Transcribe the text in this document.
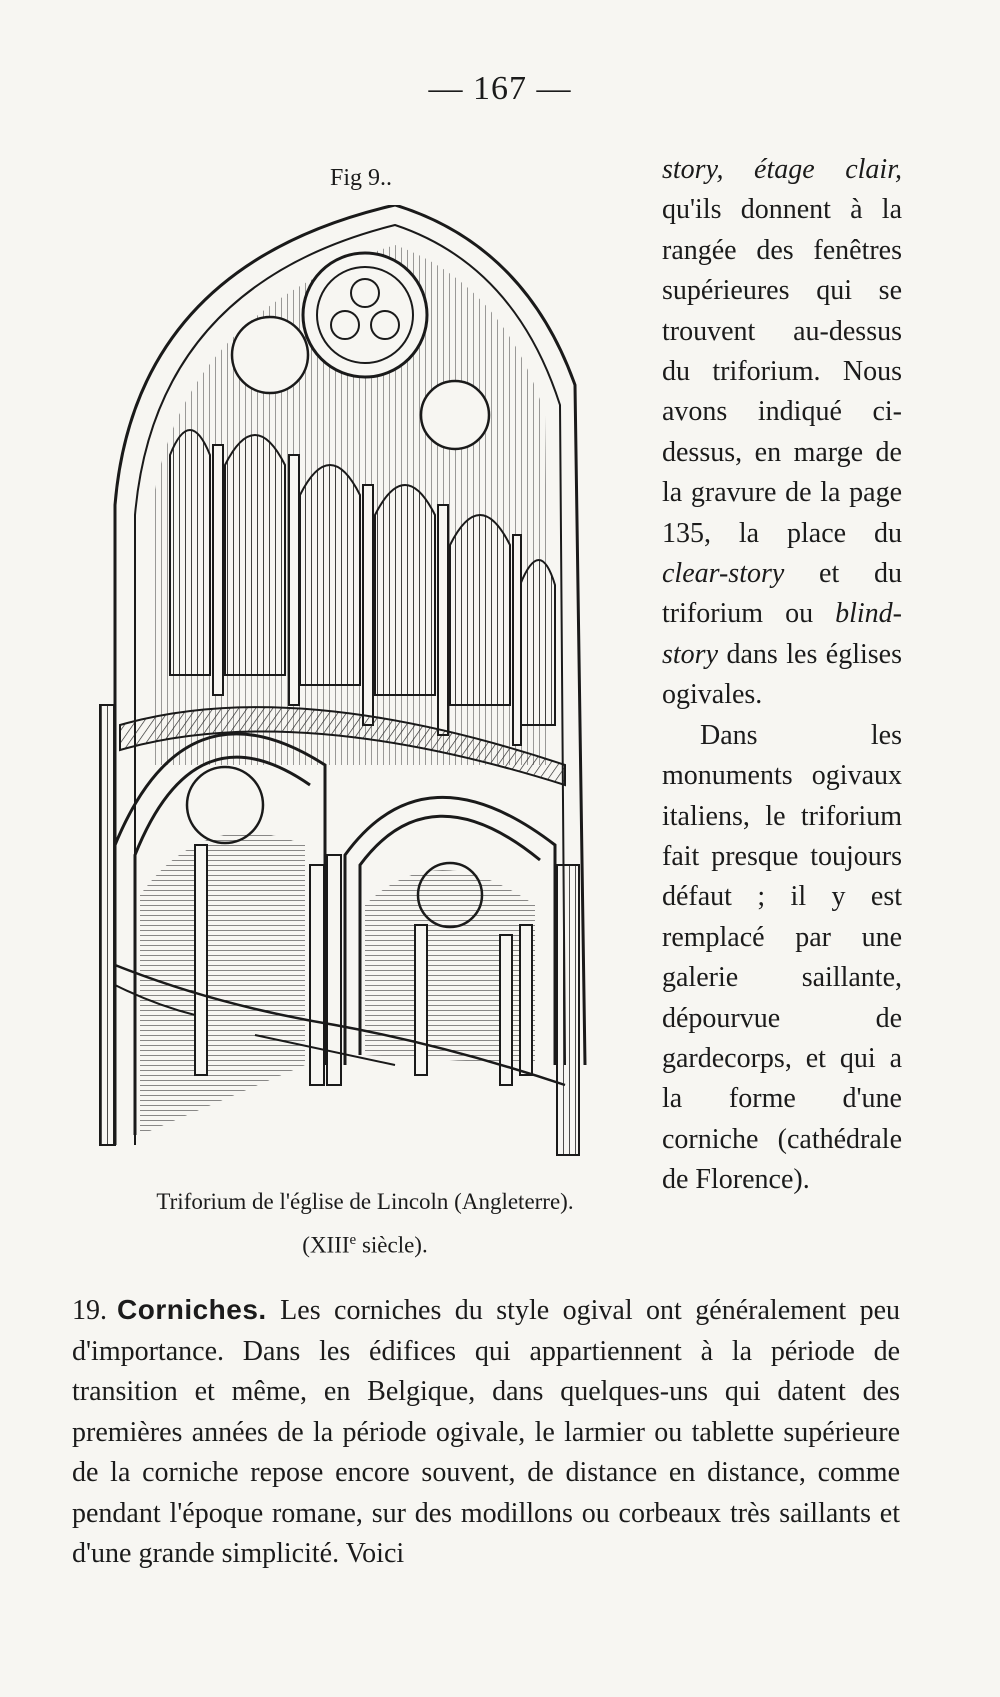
— 167 —
Fig 9..
Triforium de l'église de Lincoln (Angleterre).
(XIIIe siècle).

story, étage clair, qu'ils donnent à la rangée des fenêtres supérieures qui se trouvent au-dessus du triforium. Nous avons indiqué ci-dessus, en marge de la gravure de la page 135, la place du clear-story et du triforium ou blind-story dans les églises ogivales.

Dans les monuments ogivaux italiens, le triforium fait presque toujours défaut ; il y est remplacé par une galerie saillante, dépourvue de gardecorps, et qui a la forme d'une corniche (cathédrale de Florence).

19. Corniches. Les corniches du style ogival ont généralement peu d'importance. Dans les édifices qui appartiennent à la période de transition et même, en Belgique, dans quelques-uns qui datent des premières années de la période ogivale, le larmier ou tablette supérieure de la corniche repose encore souvent, de distance en distance, comme pendant l'époque romane, sur des modillons ou corbeaux très saillants et d'une grande simplicité. Voici
